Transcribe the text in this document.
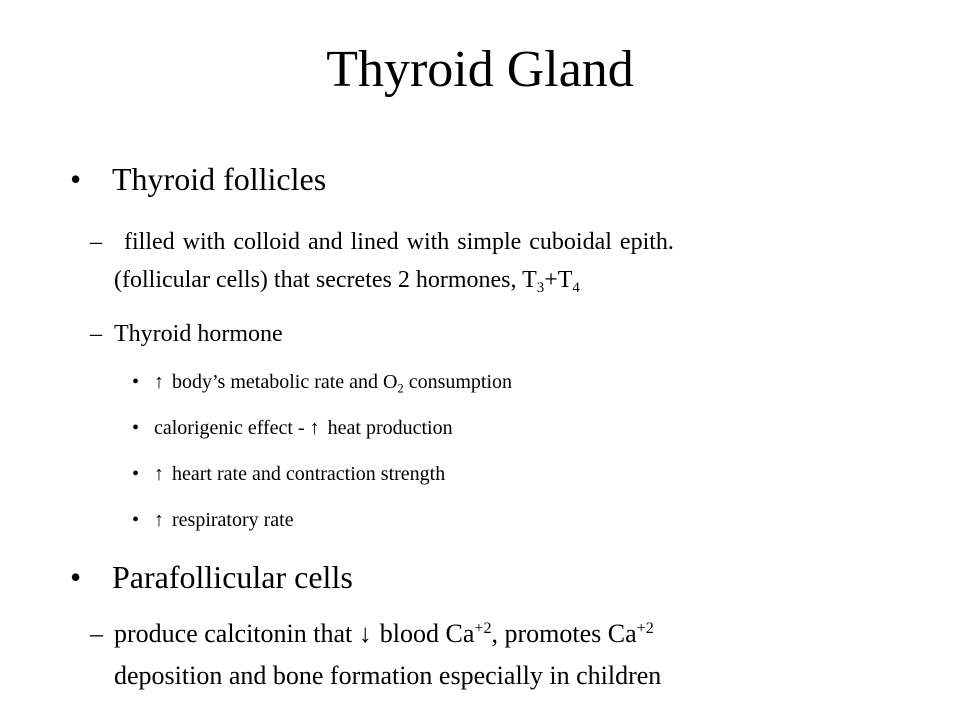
Thyroid Gland
• Thyroid follicles
– filled with colloid and lined with simple cuboidal epith.
(follicular cells) that secretes 2 hormones, $T_3+T_4$
– Thyroid hormone
• ↑ body’s metabolic rate and $O_2$ consumption
• calorigenic effect - ↑ heat production
• ↑ heart rate and contraction strength
• ↑ respiratory rate
• Parafollicular cells
– produce calcitonin that ↓ blood $Ca^{+2}$, promotes $Ca^{+2}$
deposition and bone formation especially in children
